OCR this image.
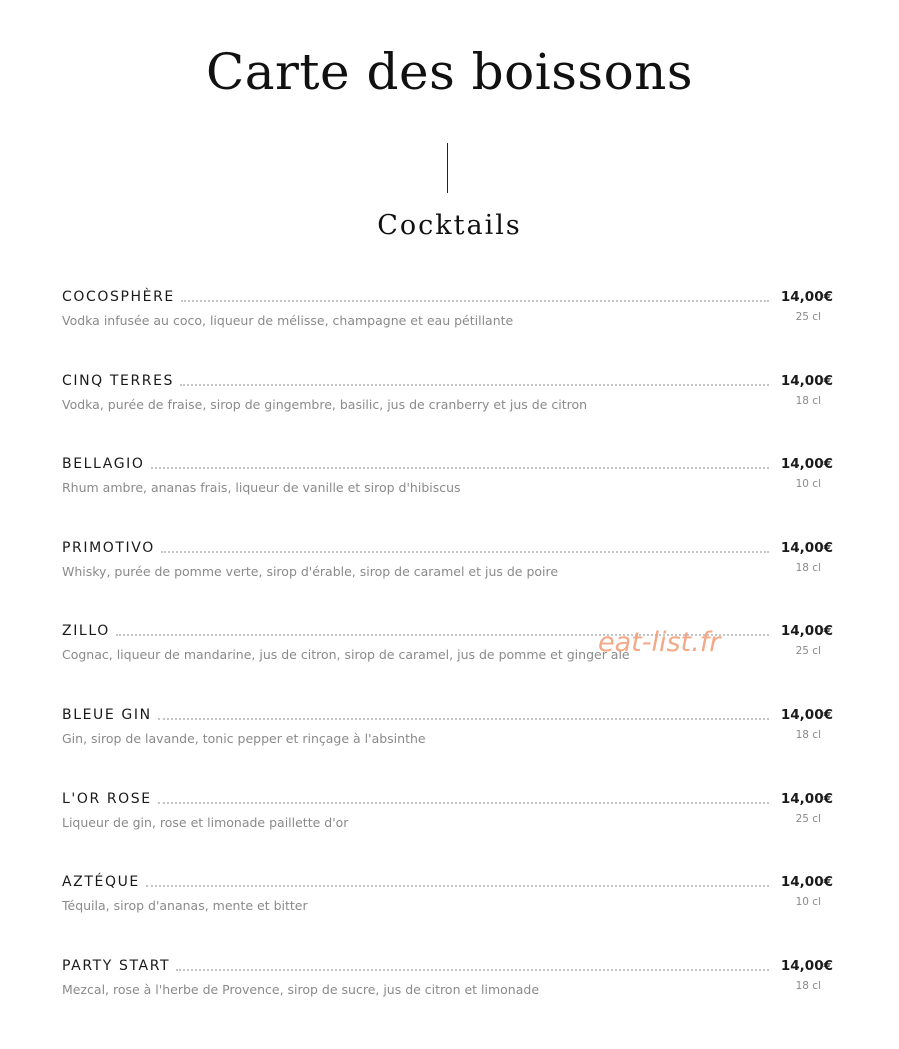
Carte des boissons
Cocktails
COCOSPHÈRE	14,00€
Vodka infusée au coco, liqueur de mélisse, champagne et eau pétillante	25 cl
CINQ TERRES	14,00€
Vodka, purée de fraise, sirop de gingembre, basilic, jus de cranberry et jus de citron	18 cl
BELLAGIO	14,00€
Rhum ambre, ananas frais, liqueur de vanille et sirop d'hibiscus	10 cl
PRIMOTIVO	14,00€
Whisky, purée de pomme verte, sirop d'érable, sirop de caramel et jus de poire	18 cl
ZILLO	14,00€
Cognac, liqueur de mandarine, jus de citron, sirop de caramel, jus de pomme et ginger ale	25 cl
BLEUE GIN	14,00€
Gin, sirop de lavande, tonic pepper et rinçage à l'absinthe	18 cl
L'OR ROSE	14,00€
Liqueur de gin, rose et limonade paillette d'or	25 cl
AZTÉQUE	14,00€
Téquila, sirop d'ananas, mente et bitter	10 cl
PARTY START	14,00€
Mezcal, rose à l'herbe de Provence, sirop de sucre, jus de citron et limonade	18 cl
eat-list.fr
